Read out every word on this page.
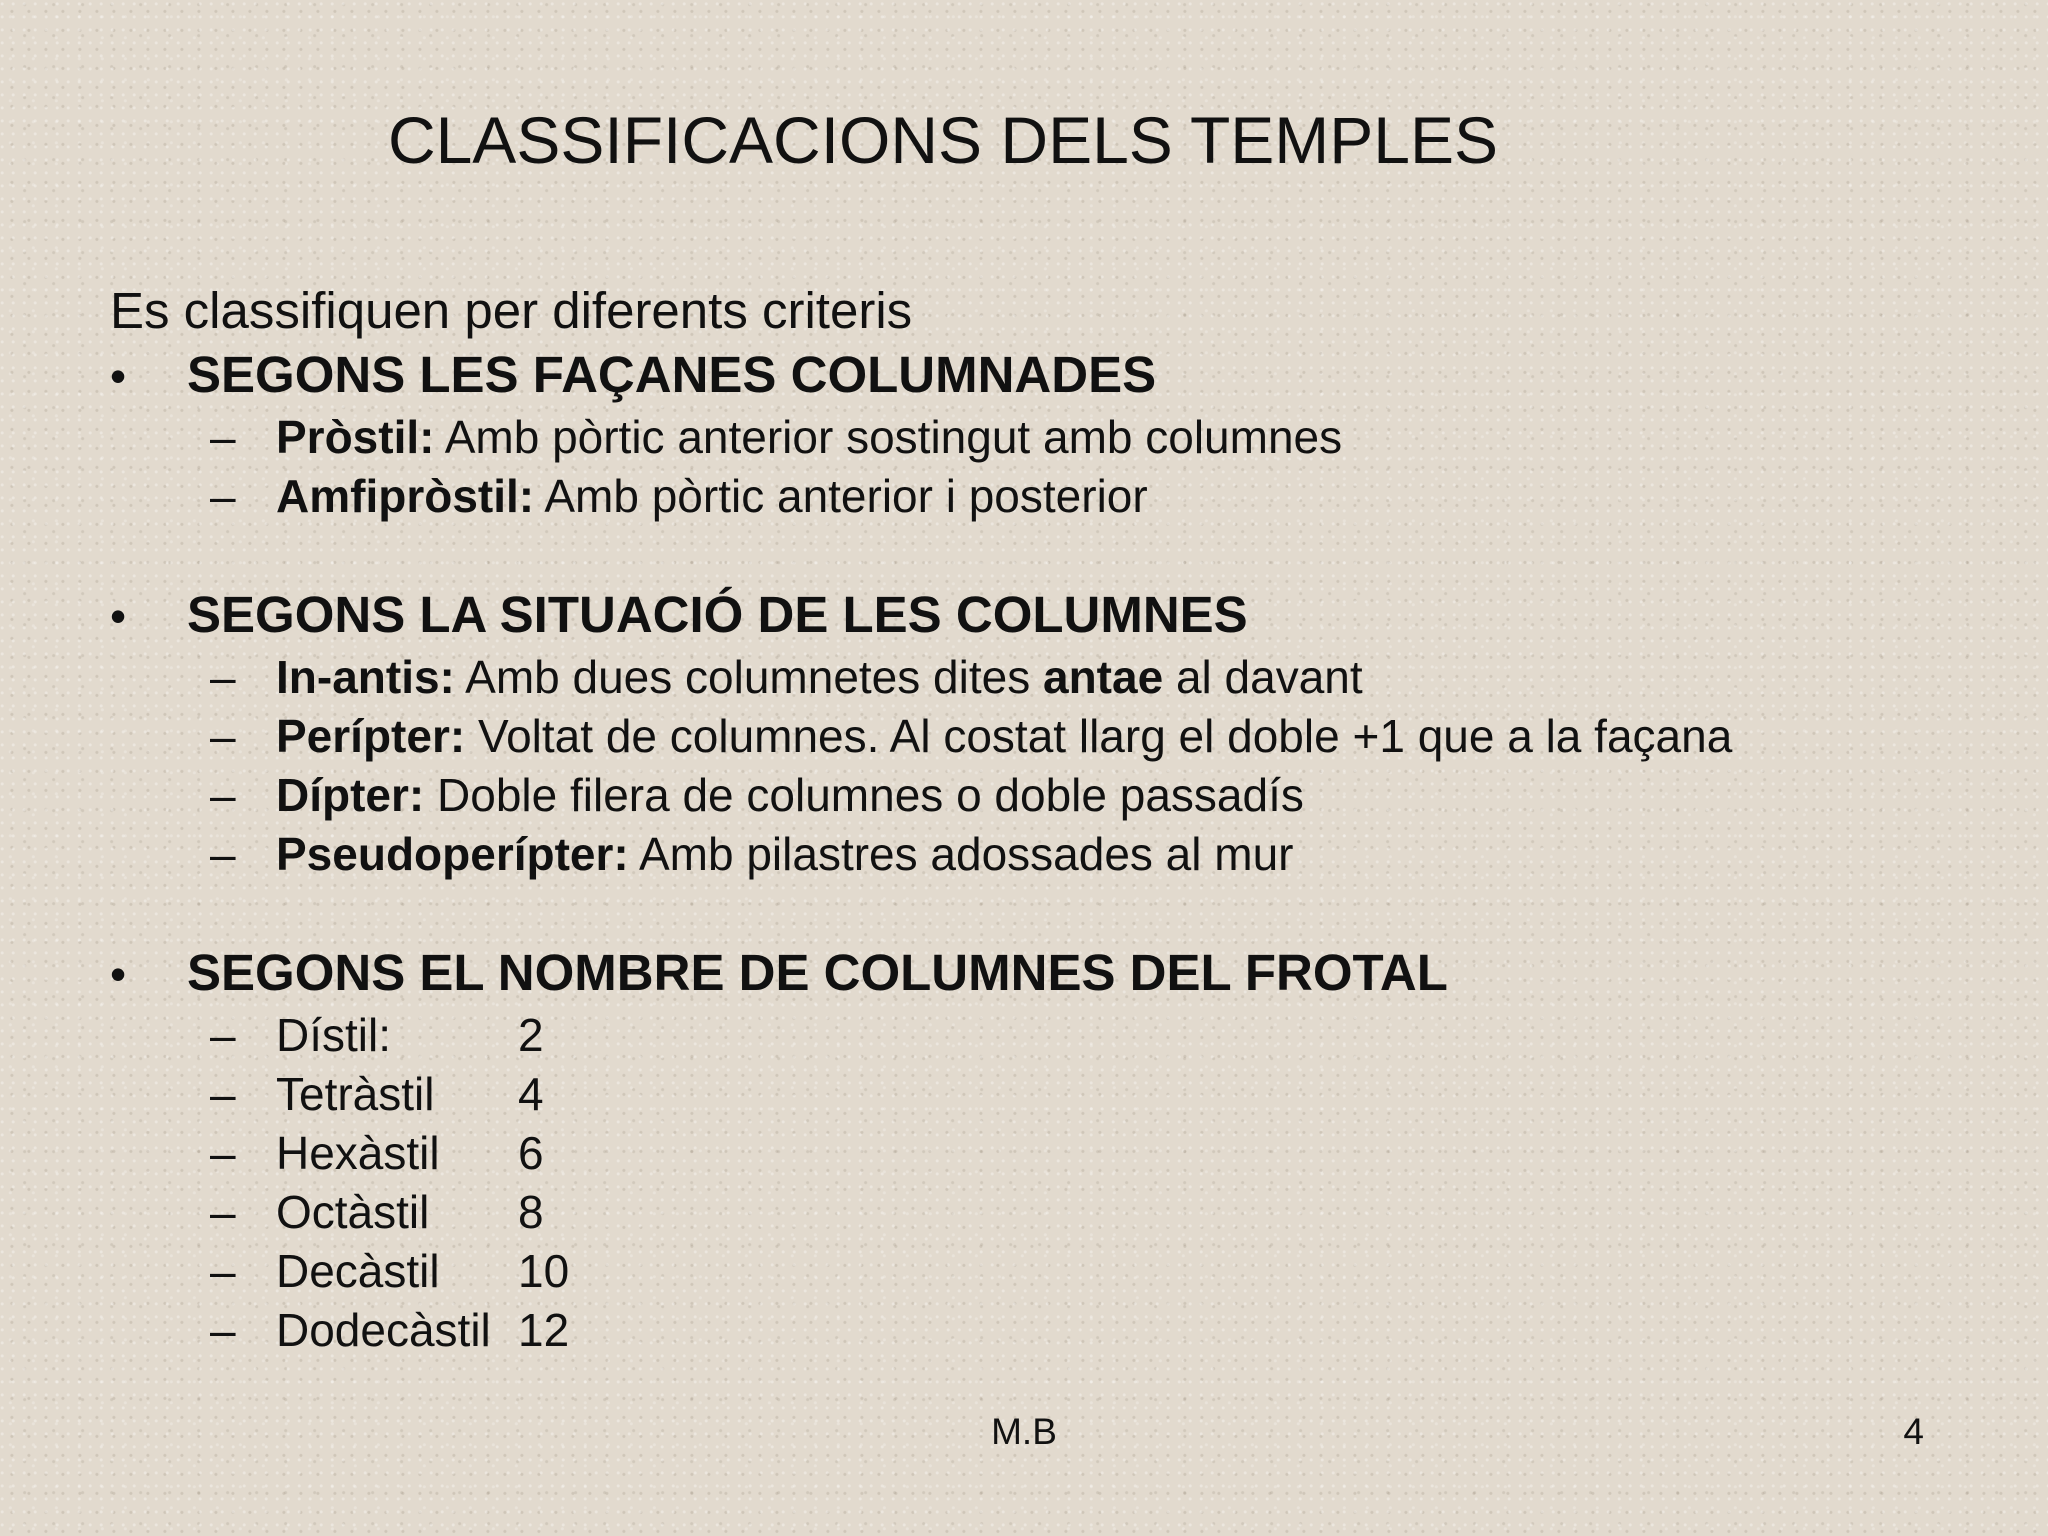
CLASSIFICACIONS DELS TEMPLES

Es classifiquen per diferents criteris

•	SEGONS LES FAÇANES COLUMNADES
– Pròstil: Amb pòrtic anterior sostingut amb columnes
– Amfipròstil: Amb pòrtic anterior i posterior
•	SEGONS LA SITUACIÓ DE LES COLUMNES
– In-antis: Amb dues columnetes dites antae al davant
– Perípter: Voltat de columnes. Al costat llarg el doble +1 que a la façana
– Dípter: Doble filera de columnes o doble passadís
– Pseudoperípter: Amb pilastres adossades al mur
•	SEGONS EL NOMBRE DE COLUMNES DEL FROTAL
– Dístil:	2
– Tetràstil	4
– Hexàstil	6
– Octàstil	8
– Decàstil	10
– Dodecàstil 12
M.B	4
